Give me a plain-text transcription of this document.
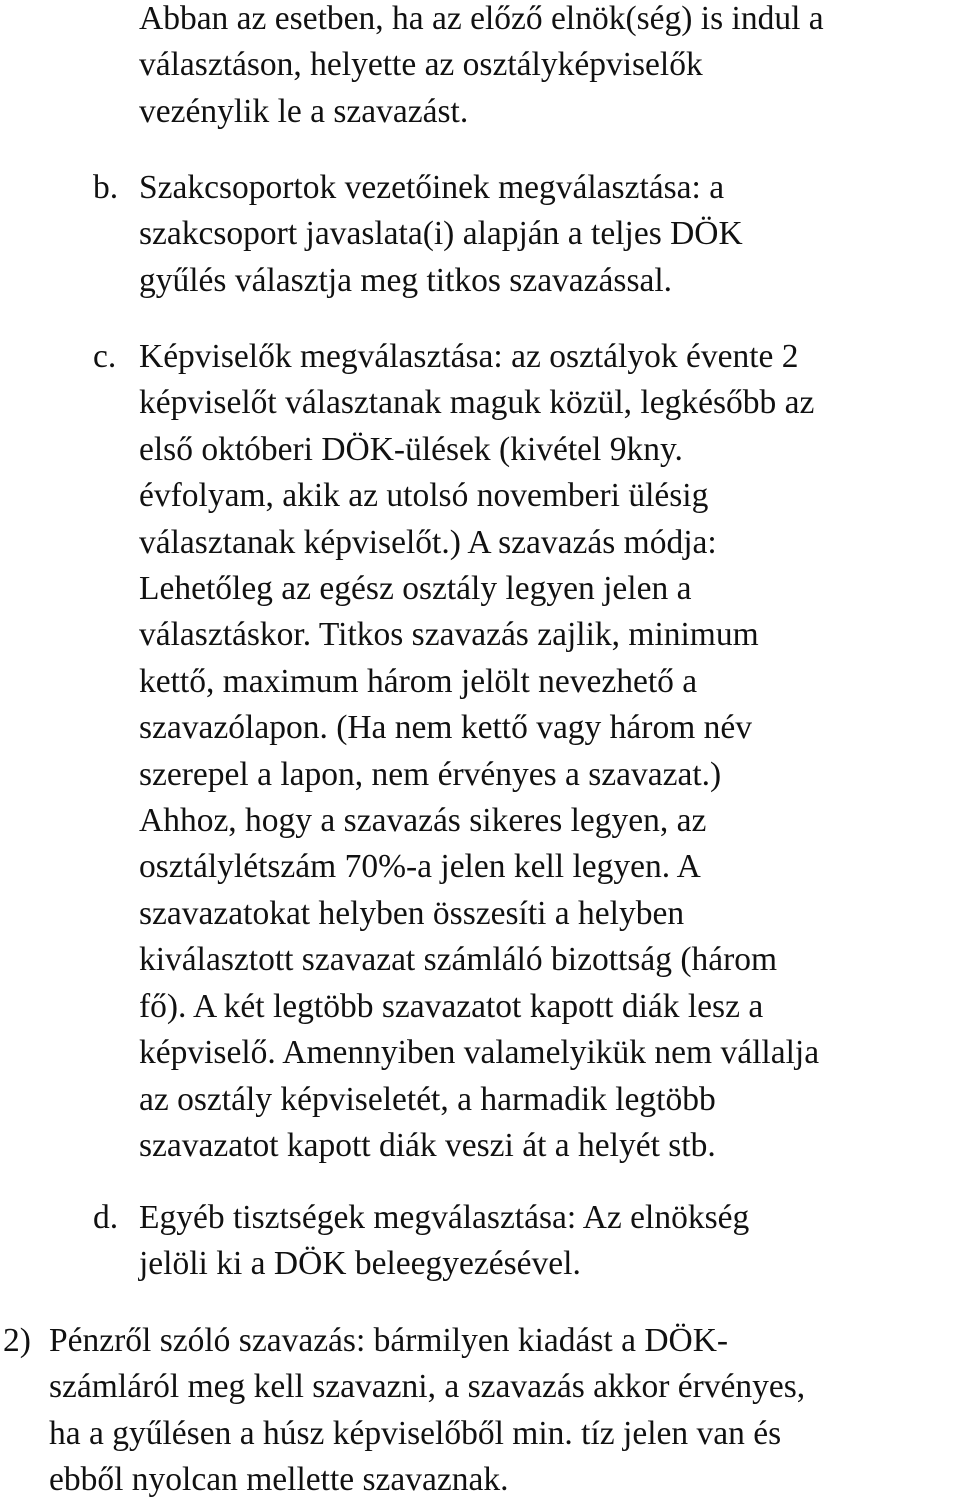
Abban az esetben, ha az előző elnök(ség) is indul a
választáson, helyette az osztályképviselők
vezénylik le a szavazást.
b. Szakcsoportok vezetőinek megválasztása: a
szakcsoport javaslata(i) alapján a teljes DÖK
gyűlés választja meg titkos szavazással.
c. Képviselők megválasztása: az osztályok évente 2
képviselőt választanak maguk közül, legkésőbb az
első októberi DÖK-ülések (kivétel 9kny.
évfolyam, akik az utolsó novemberi ülésig
választanak képviselőt.) A szavazás módja:
Lehetőleg az egész osztály legyen jelen a
választáskor. Titkos szavazás zajlik, minimum
kettő, maximum három jelölt nevezhető a
szavazólapon. (Ha nem kettő vagy három név
szerepel a lapon, nem érvényes a szavazat.)
Ahhoz, hogy a szavazás sikeres legyen, az
osztálylétszám 70%-a jelen kell legyen. A
szavazatokat helyben összesíti a helyben
kiválasztott szavazat számláló bizottság (három
fő). A két legtöbb szavazatot kapott diák lesz a
képviselő. Amennyiben valamelyikük nem vállalja
az osztály képviseletét, a harmadik legtöbb
szavazatot kapott diák veszi át a helyét stb.
d. Egyéb tisztségek megválasztása: Az elnökség
jelöli ki a DÖK beleegyezésével.
2) Pénzről szóló szavazás: bármilyen kiadást a DÖK-
számláról meg kell szavazni, a szavazás akkor érvényes,
ha a gyűlésen a húsz képviselőből min. tíz jelen van és
ebből nyolcan mellette szavaznak.
